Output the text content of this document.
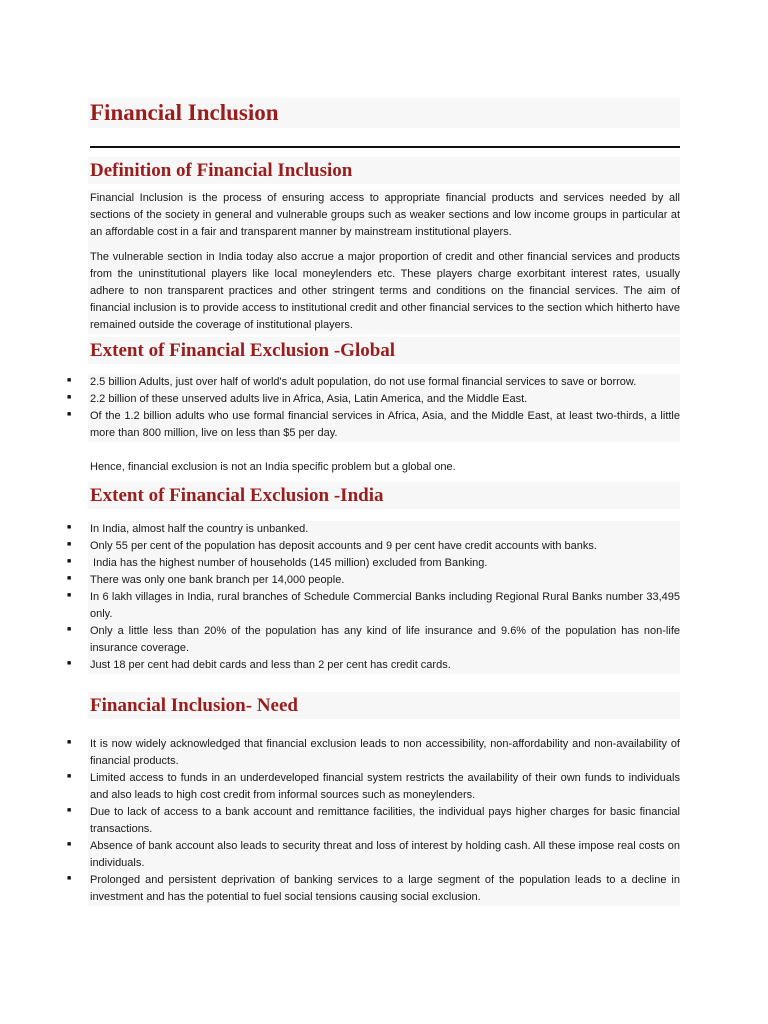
Financial Inclusion
Definition of Financial Inclusion

Financial Inclusion is the process of ensuring access to appropriate financial products and services needed by all sections of the society in general and vulnerable groups such as weaker sections and low income groups in particular at an affordable cost in a fair and transparent manner by mainstream institutional players.

The vulnerable section in India today also accrue a major proportion of credit and other financial services and products from the uninstitutional players like local moneylenders etc. These players charge exorbitant interest rates, usually adhere to non transparent practices and other stringent terms and conditions on the financial services. The aim of financial inclusion is to provide access to institutional credit and other financial services to the section which hitherto have remained outside the coverage of institutional players.

Extent of Financial Exclusion -Global
■ 2.5 billion Adults, just over half of world's adult population, do not use formal financial services to save or borrow.
■ 2.2 billion of these unserved adults live in Africa, Asia, Latin America, and the Middle East.
■ Of the 1.2 billion adults who use formal financial services in Africa, Asia, and the Middle East, at least two-thirds, a little more than 800 million, live on less than $5 per day.

Hence, financial exclusion is not an India specific problem but a global one.

Extent of Financial Exclusion -India
■ In India, almost half the country is unbanked.
■ Only 55 per cent of the population has deposit accounts and 9 per cent have credit accounts with banks.
■ India has the highest number of households (145 million) excluded from Banking.
■ There was only one bank branch per 14,000 people.
■ In 6 lakh villages in India, rural branches of Schedule Commercial Banks including Regional Rural Banks number 33,495 only.
■ Only a little less than 20% of the population has any kind of life insurance and 9.6% of the population has non-life insurance coverage.
■ Just 18 per cent had debit cards and less than 2 per cent has credit cards.
Financial Inclusion- Need
■ It is now widely acknowledged that financial exclusion leads to non accessibility, non-affordability and non-availability of financial products.
■ Limited access to funds in an underdeveloped financial system restricts the availability of their own funds to individuals and also leads to high cost credit from informal sources such as moneylenders.
■ Due to lack of access to a bank account and remittance facilities, the individual pays higher charges for basic financial transactions.
■ Absence of bank account also leads to security threat and loss of interest by holding cash. All these impose real costs on individuals.
■ Prolonged and persistent deprivation of banking services to a large segment of the population leads to a decline in investment and has the potential to fuel social tensions causing social exclusion.
